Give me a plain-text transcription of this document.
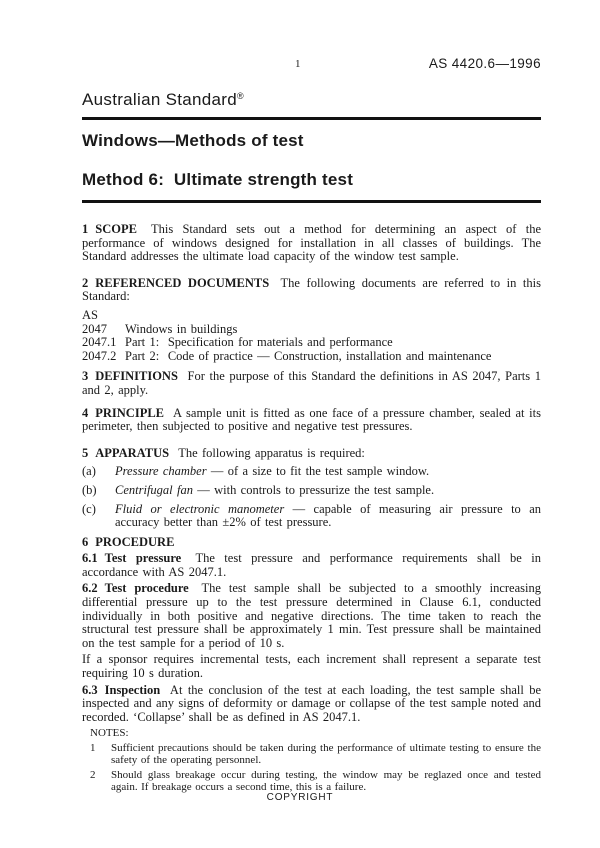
1	AS 4420.6—1996
Australian Standard®
Windows—Methods of test
Method 6:  Ultimate strength test

1 SCOPE This Standard sets out a method for determining an aspect of the performance of windows designed for installation in all classes of buildings. The Standard addresses the ultimate load capacity of the window test sample.

2 REFERENCED DOCUMENTS The following documents are referred to in this Standard:

AS
2047	Windows in buildings
2047.1 Part 1:  Specification for materials and performance
2047.2 Part 2:  Code of practice — Construction, installation and maintenance

3 DEFINITIONS For the purpose of this Standard the definitions in AS 2047, Parts 1 and 2, apply.

4 PRINCIPLE A sample unit is fitted as one face of a pressure chamber, sealed at its perimeter, then subjected to positive and negative test pressures.

5 APPARATUS The following apparatus is required:

(a)	Pressure chamber — of a size to fit the test sample window.
(b)	Centrifugal fan — with controls to pressurize the test sample.
(c)	Fluid or electronic manometer — capable of measuring air pressure to an accuracy better than ±2% of test pressure.

6 PROCEDURE

6.1 Test pressure The test pressure and performance requirements shall be in accordance with AS 2047.1.

6.2 Test procedure The test sample shall be subjected to a smoothly increasing differential pressure up to the test pressure determined in Clause 6.1, conducted individually in both positive and negative directions. The time taken to reach the structural test pressure shall be approximately 1 min. Test pressure shall be maintained on the test sample for a period of 10 s.

If a sponsor requires incremental tests, each increment shall represent a separate test requiring 10 s duration.

6.3 Inspection At the conclusion of the test at each loading, the test sample shall be inspected and any signs of deformity or damage or collapse of the test sample noted and recorded. ‘Collapse’ shall be as defined in AS 2047.1.

NOTES:

1	Sufficient precautions should be taken during the performance of ultimate testing to ensure the safety of the operating personnel.
2	Should glass breakage occur during testing, the window may be reglazed once and tested again. If breakage occurs a second time, this is a failure.
COPYRIGHT
